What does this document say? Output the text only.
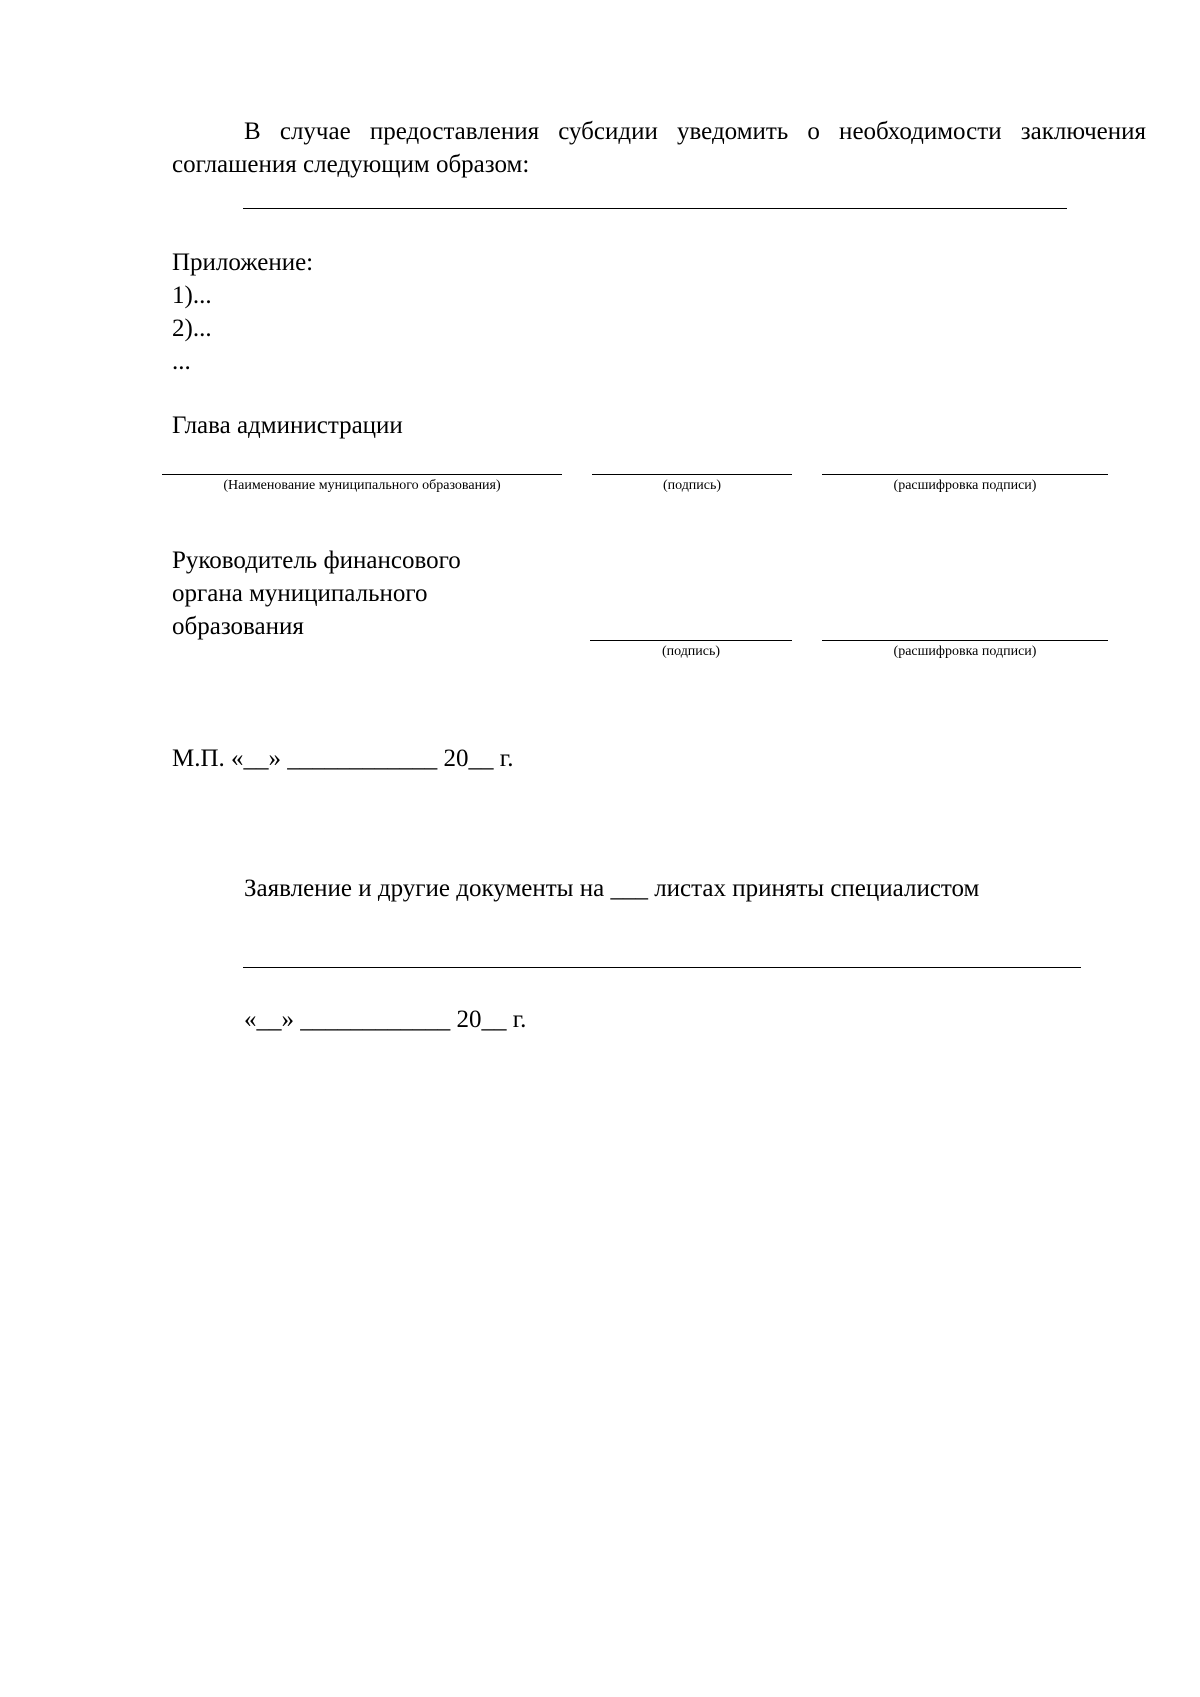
В случае предоставления субсидии уведомить о необходимости заключения соглашения следующим образом:
Приложение:
1)...
2)...
...
Глава администрации
(Наименование муниципального образования)	(подпись)	(расшифровка подписи)
Руководитель финансового
органа муниципального
образования
(подпись)	(расшифровка подписи)
М.П. «__» ____________ 20__ г.
Заявление и другие документы на ___ листах приняты специалистом
«__» ____________ 20__ г.
